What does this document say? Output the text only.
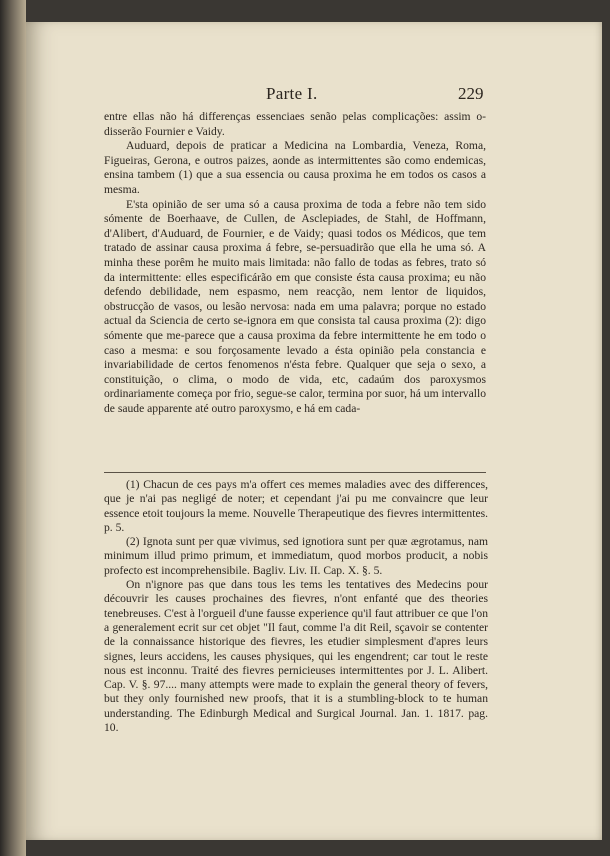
Parte I.	229

entre ellas não há differenças essenciaes senão pelas complicações: assim o-disserão Fournier e Vaidy.

Auduard, depois de praticar a Medicina na Lombardia, Veneza, Roma, Figueiras, Gerona, e outros paizes, aonde as intermittentes são como endemicas, ensina tambem (1) que a sua essencia ou causa proxima he em todos os casos a mesma.

E'sta opinião de ser uma só a causa proxima de toda a febre não tem sido sómente de Boerhaave, de Cullen, de Asclepiades, de Stahl, de Hoffmann, d'Alibert, d'Auduard, de Fournier, e de Vaidy; quasi todos os Médicos, que tem tratado de assinar causa proxima á febre, se-persuadirão que ella he uma só. A minha these porêm he muito mais limitada: não fallo de todas as febres, trato só da intermittente: elles especificárão em que consiste ésta causa proxima; eu não defendo debilidade, nem espasmo, nem reacção, nem lentor de liquidos, obstrucção de vasos, ou lesão nervosa: nada em uma palavra; porque no estado actual da Sciencia de certo se-ignora em que consista tal causa proxima (2): digo sómente que me-parece que a causa proxima da febre intermittente he em todo o caso a mesma: e sou forçosamente levado a ésta opinião pela constancia e invariabilidade de certos fenomenos n'ésta febre. Qualquer que seja o sexo, a constituição, o clima, o modo de vida, etc, cadaúm dos paroxysmos ordinariamente começa por frio, segue-se calor, termina por suor, há um intervallo de saude apparente até outro paroxysmo, e há em cada-

(1) Chacun de ces pays m'a offert ces memes maladies avec des differences, que je n'ai pas negligé de noter; et cependant j'ai pu me convaincre que leur essence etoit toujours la meme. Nouvelle Therapeutique des fievres intermittentes. p. 5.

(2) Ignota sunt per quæ vivimus, sed ignotiora sunt per quæ ægrotamus, nam minimum illud primo primum, et immediatum, quod morbos producit, a nobis profecto est incomprehensibile. Bagliv. Liv. II. Cap. X. §. 5.

On n'ignore pas que dans tous les tems les tentatives des Medecins pour découvrir les causes prochaines des fievres, n'ont enfanté que des theories tenebreuses. C'est à l'orgueil d'une fausse experience qu'il faut attribuer ce que l'on a generalement ecrit sur cet objet "Il faut, comme l'a dit Reil, sçavoir se contenter de la connaissance historique des fievres, les etudier simplesment d'apres leurs signes, leurs accidens, les causes physiques, qui les engendrent; car tout le reste nous est inconnu. Traité des fievres pernicieuses intermittentes por J. L. Alibert. Cap. V. §. 97.... many attempts were made to explain the general theory of fevers, but they only fournished new proofs, that it is a stumbling-block to te human understanding. The Edinburgh Medical and Surgical Journal. Jan. 1. 1817. pag. 10.
